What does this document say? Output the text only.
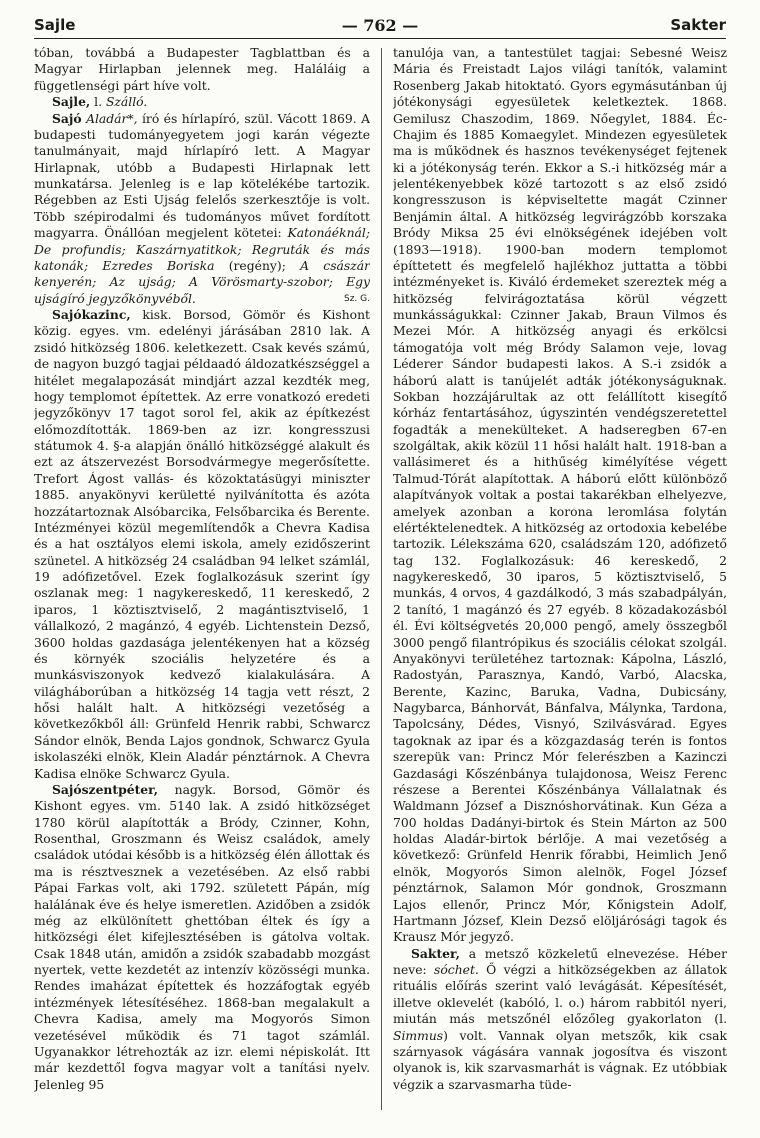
Sajle	— 762 —	Sakter

tóban, továbbá a Budapester Tagblattban és a Magyar Hirlapban jelennek meg. Haláláig a függetlenségi párt híve volt.

Sajle, l. Szálló.

Sajó Aladár*, író és hírlapíró, szül. Vácott 1869. A budapesti tudományegyetem jogi karán végezte tanulmányait, majd hírlapíró lett. A Magyar Hirlapnak, utóbb a Budapesti Hirlapnak lett munkatársa. Jelenleg is e lap kötelékébe tartozik. Régebben az Esti Ujság felelős szerkesztője is volt. Több szépirodalmi és tudományos művet fordított magyarra. Önállóan megjelent kötetei: Katonáéknál; De profundis; Kaszárnyatitkok; Regruták és más katonák; Ezredes Boriska (regény); A császár kenyerén; Az ujság; A Vörösmarty-szobor; Egy ujságíró jegyzőkönyvéből.	Sz. G.

Sajókazinc, kisk. Borsod, Gömör és Kishont közig. egyes. vm. edelényi járásában 2810 lak. A zsidó hitközség 1806. keletkezett. Csak kevés számú, de nagyon buzgó tagjai példaadó áldozatkészséggel a hitélet megalapozását mindjárt azzal kezdték meg, hogy templomot építettek. Az erre vonatkozó eredeti jegyzőkönyv 17 tagot sorol fel, akik az építkezést előmozdították. 1869-ben az izr. kongresszusi státumok 4. §-a alapján önálló hitközséggé alakult és ezt az átszervezést Borsodvármegye megerősítette. Trefort Ágost vallás- és közoktatásügyi miniszter 1885. anyakönyvi kerületté nyilvánította és azóta hozzátartoznak Alsóbarcika, Felsőbarcika és Berente. Intézményei közül megemlítendők a Chevra Kadisa és a hat osztályos elemi iskola, amely ezidőszerint szünetel. A hitközség 24 családban 94 lelket számlál, 19 adófizetővel. Ezek foglalkozásuk szerint így oszlanak meg: 1 nagykereskedő, 11 kereskedő, 2 iparos, 1 köztisztviselő, 2 magántisztviselő, 1 vállalkozó, 2 magánzó, 4 egyéb. Lichtenstein Dezső, 3600 holdas gazdasága jelentékenyen hat a község és környék szociális helyzetére és a munkásviszonyok kedvező kialakulására. A világháborúban a hitközség 14 tagja vett részt, 2 hősi halált halt. A hitközségi vezetőség a következőkből áll: Grünfeld Henrik rabbi, Schwarcz Sándor elnök, Benda Lajos gondnok, Schwarcz Gyula iskolaszéki elnök, Klein Aladár pénztárnok. A Chevra Kadisa elnöke Schwarcz Gyula.

Sajószentpéter, nagyk. Borsod, Gömör és Kishont egyes. vm. 5140 lak. A zsidó hitközséget 1780 körül alapították a Bródy, Czinner, Kohn, Rosenthal, Groszmann és Weisz családok, amely családok utódai később is a hitközség élén állottak és ma is résztvesznek a vezetésében. Az első rabbi Pápai Farkas volt, aki 1792. született Pápán, míg halálának éve és helye ismeretlen. Azidőben a zsidók még az elkülönített ghettóban éltek és így a hitközségi élet kifejlesztésében is gátolva voltak. Csak 1848 után, amidőn a zsidók szabadabb mozgást nyertek, vette kezdetét az intenzív közösségi munka. Rendes imaházat építettek és hozzáfogtak egyéb intézmények létesítéséhez. 1868-ban megalakult a Chevra Kadisa, amely ma Mogyorós Simon vezetésével működik és 71 tagot számlál. Ugyanakkor létrehozták az izr. elemi népiskolát. Itt már kezdettől fogva magyar volt a tanítási nyelv. Jelenleg 95

tanulója van, a tantestület tagjai: Sebesné Weisz Mária és Freistadt Lajos világi tanítók, valamint Rosenberg Jakab hitoktató. Gyors egymásutánban új jótékonysági egyesületek keletkeztek. 1868. Gemilusz Chaszodim, 1869. Nőegylet, 1884. Éc-Chajim és 1885 Komaegylet. Mindezen egyesületek ma is működnek és hasznos tevékenységet fejtenek ki a jótékonyság terén. Ekkor a S.-i hitközség már a jelentékenyebbek közé tartozott s az első zsidó kongresszuson is képviseltette magát Czinner Benjámin által. A hitközség legvirágzóbb korszaka Bródy Miksa 25 évi elnökségének idejében volt (1893—1918). 1900-ban modern templomot építtetett és megfelelő hajlékhoz juttatta a többi intézményeket is. Kiváló érdemeket szereztek még a hitközség felvirágoztatása körül végzett munkásságukkal: Czinner Jakab, Braun Vilmos és Mezei Mór. A hitközség anyagi és erkölcsi támogatója volt még Bródy Salamon veje, lovag Léderer Sándor budapesti lakos. A S.-i zsidók a háború alatt is tanújelét adták jótékonyságuknak. Sokban hozzájárultak az ott felállított kisegítő kórház fentartásához, úgyszintén vendégszeretettel fogadták a menekülteket. A hadseregben 67-en szolgáltak, akik közül 11 hősi halált halt. 1918-ban a vallásimeret és a hithűség kimélyítése végett Talmud-Tórát alapítottak. A háború előtt különböző alapítványok voltak a postai takarékban elhelyezve, amelyek azonban a korona leromlása folytán elértéktelenedtek. A hitközség az ortodoxia kebelébe tartozik. Lélekszáma 620, családszám 120, adófizető tag 132. Foglalkozásuk: 46 kereskedő, 2 nagykereskedő, 30 iparos, 5 köztisztviselő, 5 munkás, 4 orvos, 4 gazdálkodó, 3 más szabadpályán, 2 tanító, 1 magánzó és 27 egyéb. 8 közadakozásból él. Évi költségvetés 20,000 pengő, amely összegből 3000 pengő filantrópikus és szociális célokat szolgál. Anyakönyvi területéhez tartoznak: Kápolna, László, Radostyán, Parasznya, Kandó, Varbó, Alacska, Berente, Kazinc, Baruka, Vadna, Dubicsány, Nagybarca, Bánhorvát, Bánfalva, Málynka, Tardona, Tapolcsány, Dédes, Visnyó, Szilvásvárad. Egyes tagoknak az ipar és a közgazdaság terén is fontos szerepük van: Princz Mór felerészben a Kazinczi Gazdasági Kőszénbánya tulajdonosa, Weisz Ferenc részese a Berentei Kőszénbánya Vállalatnak és Waldmann József a Disznóshorvátinak. Kun Géza a 700 holdas Dadányi-birtok és Stein Márton az 500 holdas Aladár-birtok bérlője. A mai vezetőség a következő: Grünfeld Henrik főrabbi, Heimlich Jenő elnök, Mogyorós Simon alelnök, Fogel József pénztárnok, Salamon Mór gondnok, Groszmann Lajos ellenőr, Princz Mór, Kőnigstein Adolf, Hartmann József, Klein Dezső elöljárósági tagok és Krausz Mór jegyző.

Sakter, a metsző közkeletű elnevezése. Héber neve: sóchet. Ő végzi a hitközségekben az állatok rituális előírás szerint való levágását. Képesítését, illetve oklevelét (kabóló, l. o.) három rabbitól nyeri, miután más metszőnél előzőleg gyakorlaton (l. Simmus) volt. Vannak olyan metszők, kik csak szárnyasok vágására vannak jogosítva és viszont olyanok is, kik szarvasmarhát is vágnak. Ez utóbbiak végzik a szarvasmarha tüde-
